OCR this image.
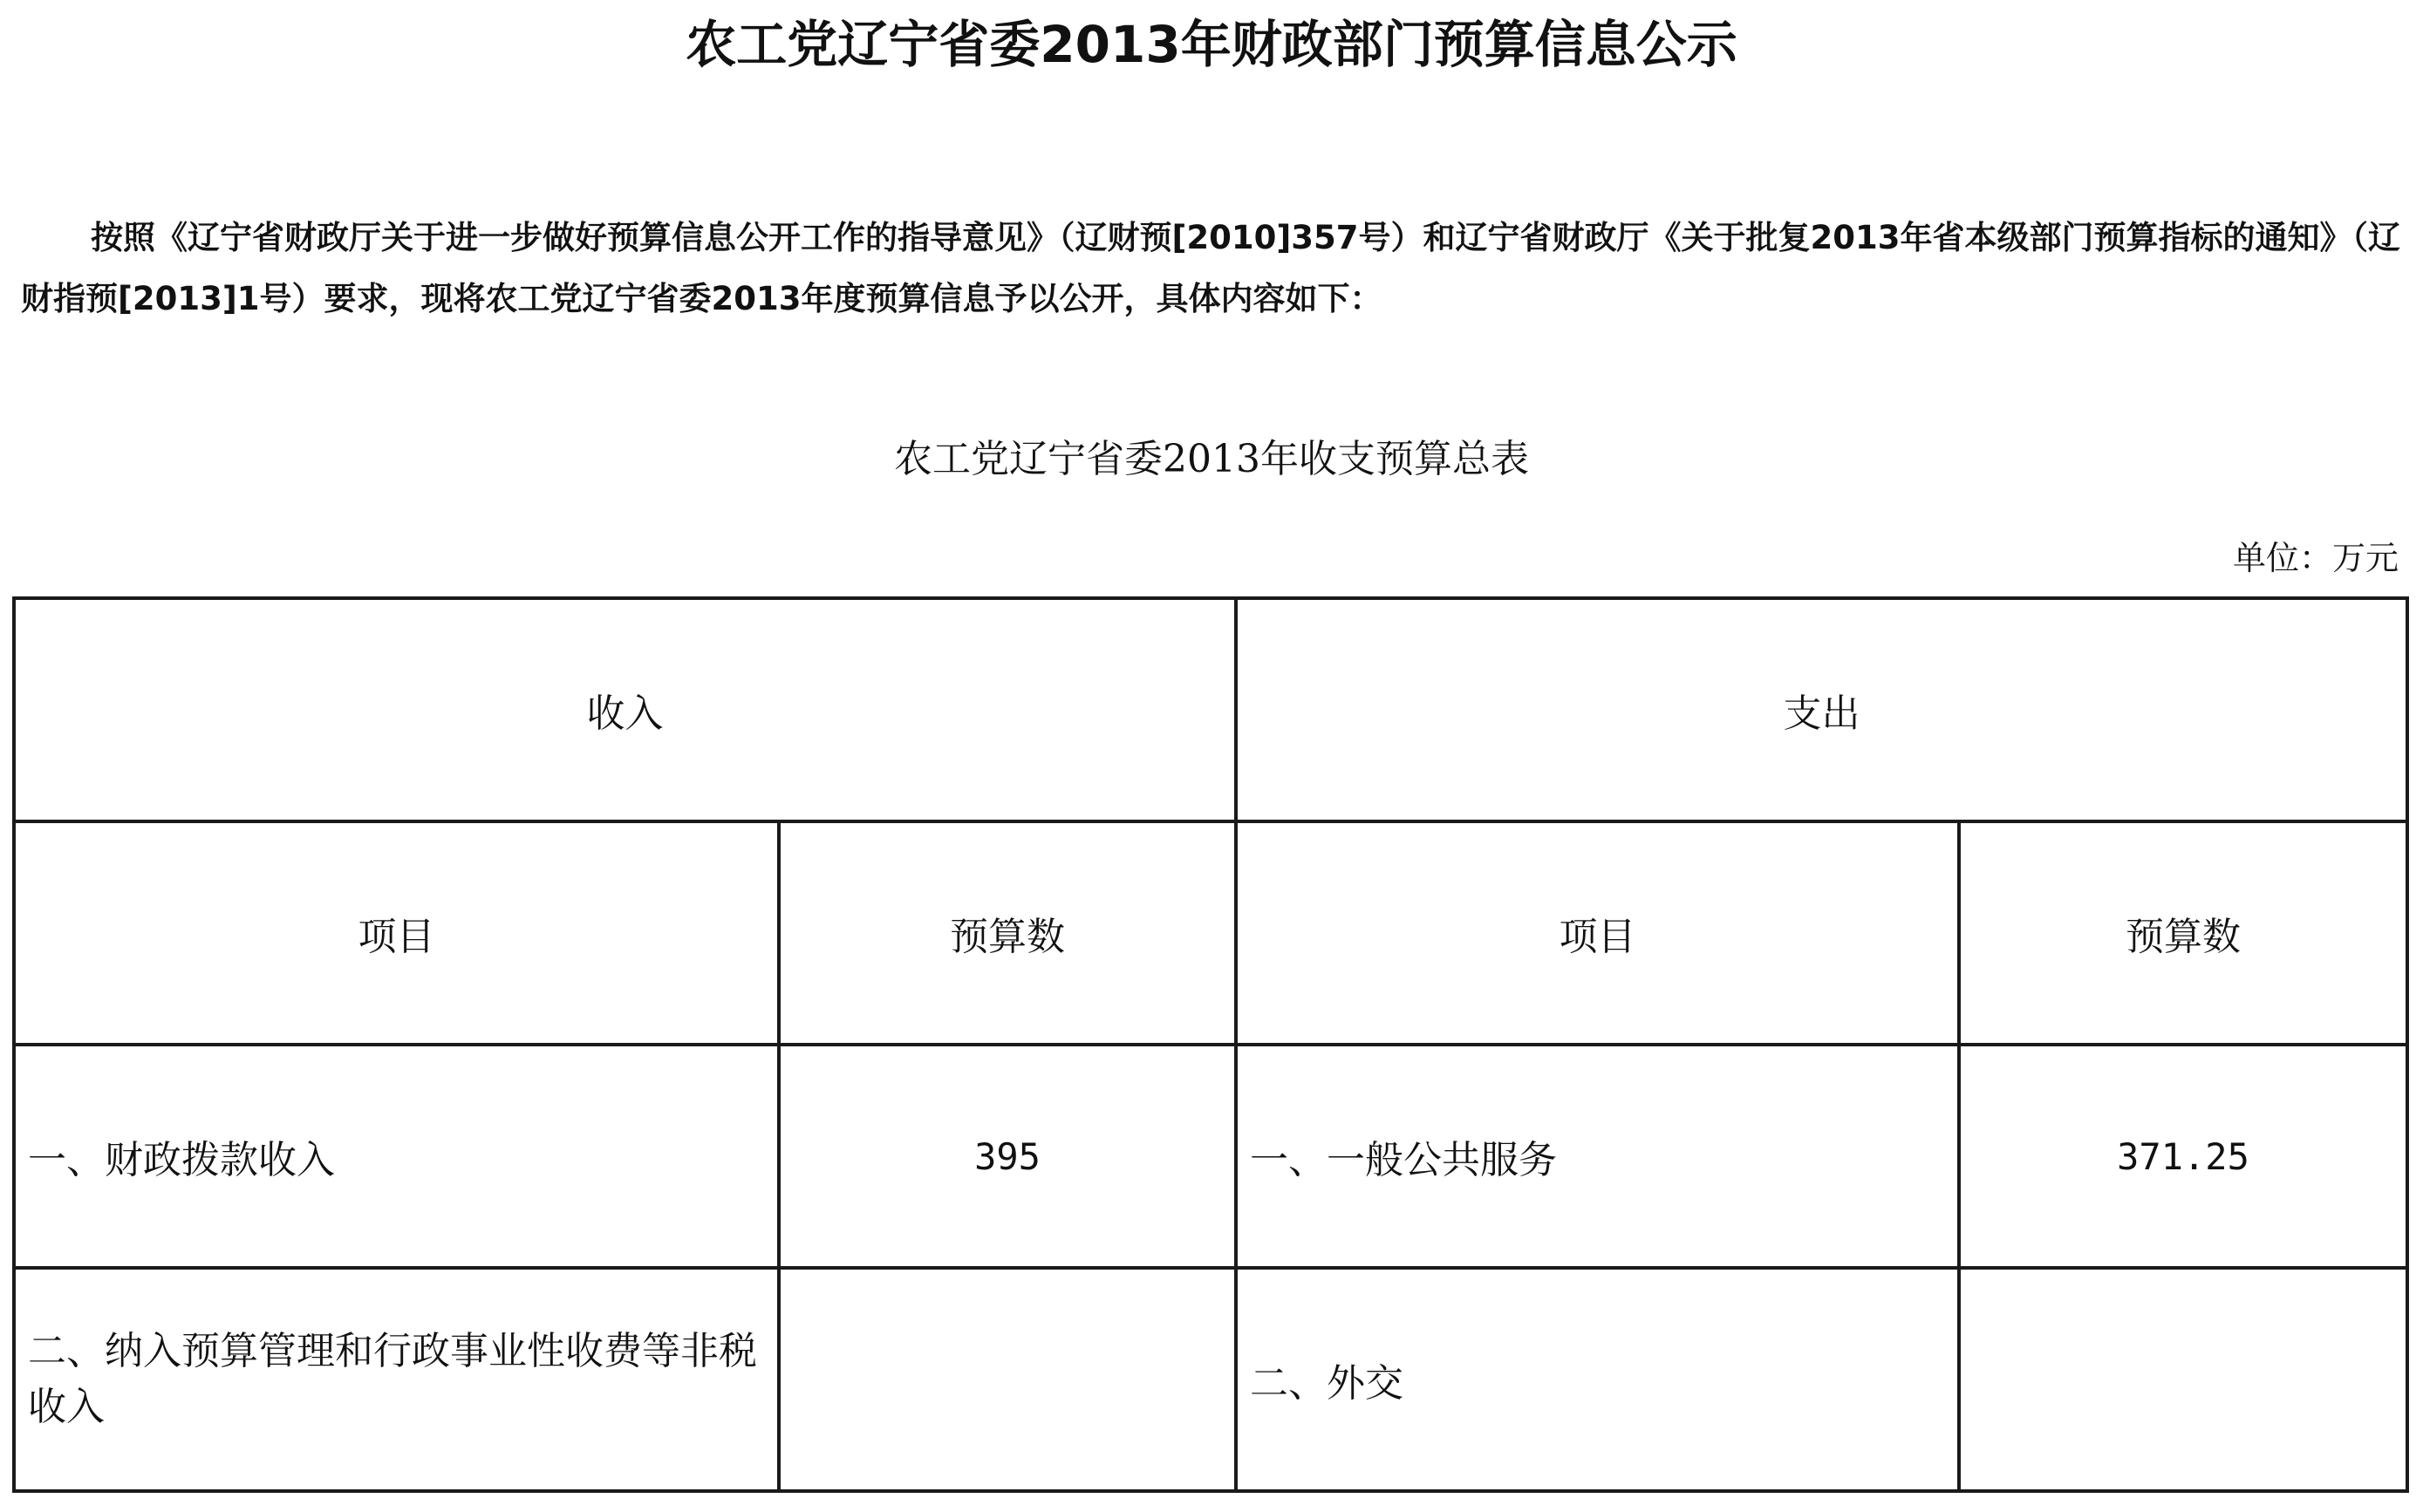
农工党辽宁省委2013年财政部门预算信息公示
按照《辽宁省财政厅关于进一步做好预算信息公开工作的指导意见》（辽财预[2010]357号）和辽宁省财政厅《关于批复2013年省本级部门预算指标的通知》（辽财指预[2013]1号）要求，现将农工党辽宁省委2013年度预算信息予以公开，具体内容如下：
农工党辽宁省委2013年收支预算总表
单位：万元
收入		支出	
项目	预算数	项目	预算数
一、财政拨款收入	395	一、一般公共服务	371.25
二、纳入预算管理和行政事业性收费等非税收入		二、外交	
